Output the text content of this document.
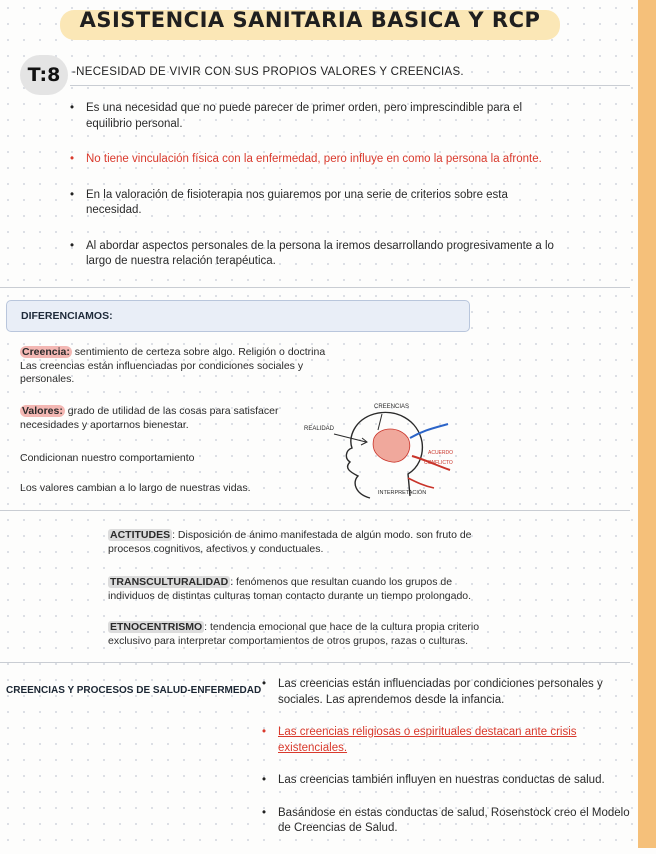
ASISTENCIA SANITARIA BASICA Y RCP
T:8	-NECESIDAD DE VIVIR CON SUS PROPIOS VALORES Y CREENCIAS.
• Es una necesidad que no puede parecer de primer orden, pero imprescindible para el equilibrio personal.
• No tiene vinculación física con la enfermedad, pero influye en como la persona la afronte.
• En la valoración de fisioterapia nos guiaremos por una serie de criterios sobre esta necesidad.
• Al abordar aspectos personales de la persona la iremos desarrollando progresivamente a lo largo de nuestra relación terapéutica.
DIFERENCIAMOS:
Creencia: sentimiento de certeza sobre algo. Religión o doctrina
Las creencias están influenciadas por condiciones sociales y personales.
Valores: grado de utilidad de las cosas para satisfacer
necesidades y aportarnos bienestar.
Condicionan nuestro comportamiento
Los valores cambian a lo largo de nuestras vidas.
CREENCIAS
REALIDAD
ACUERDO
CONFLICTO
INTERPRETACIÓN
ACTITUDES : Disposición de ánimo manifestada de algún modo. son fruto de
procesos cognitivos, afectivos y conductuales.
TRANSCULTURALIDAD : fenómenos que resultan cuando los grupos de
individuos de distintas culturas toman contacto durante un tiempo prolongado.
ETNOCENTRISMO : tendencia emocional que hace de la cultura propia criterio
exclusivo para interpretar comportamientos de otros grupos, razas o culturas.
CREENCIAS Y PROCESOS DE SALUD-ENFERMEDAD
• Las creencias están influenciadas por condiciones personales y sociales. Las aprendemos desde la infancia.
• Las creencias religiosas o espirituales destacan ante crisis existenciales.
• Las creencias también influyen en nuestras conductas de salud.
• Basándose en estas conductas de salud, Rosenstock creo el Modelo de Creencias de Salud.
